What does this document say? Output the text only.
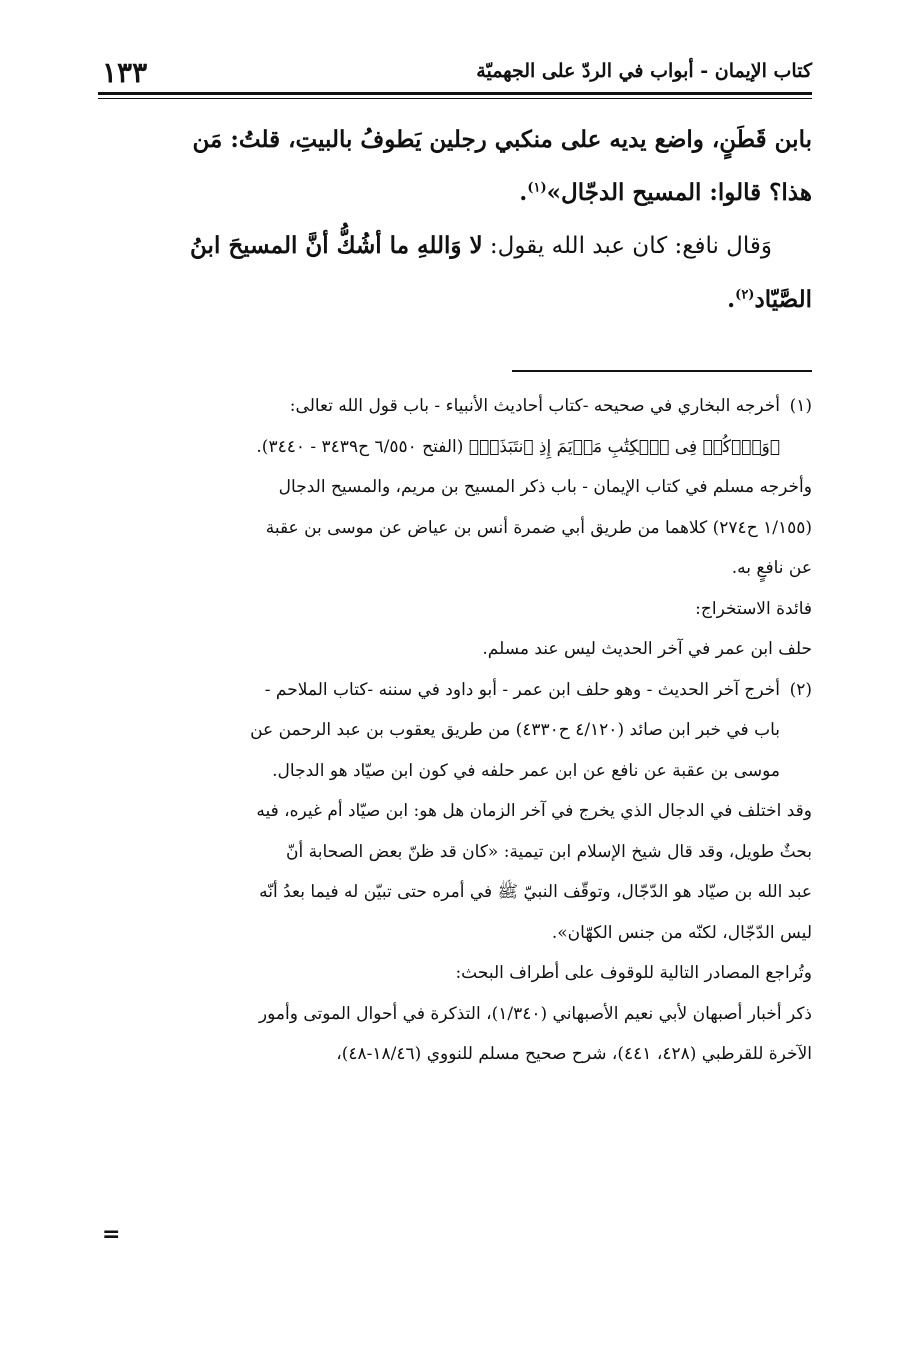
١٣٣	كتاب الإيمان - أبواب في الردّ على الجهميّة

بابن قَطَنٍ، واضع يديه على منكبي رجلين يَطوفُ بالبيتِ، قلتُ: مَن

هذا؟ قالوا: المسيح الدجّال»$^{(١)}$.

وَقال نافع: كان عبد الله يقول: لا وَاللهِ ما أشُكُّ أنَّ المسيحَ ابنُ

الصَّيّاد$^{(٢)}$.

(١)

أخرجه البخاري في صحيحه -كتاب أحاديث الأنبياء - باب قول الله تعالى:

﴿وَٱذۡكُرۡ فِى ٱلۡكِتَٰبِ مَرۡيَمَ إِذِ ٱنتَبَذَتۡ﴾ (الفتح ٦/٥٥٠ ح٣٤٣٩ - ٣٤٤٠).

وأخرجه مسلم في كتاب الإيمان - باب ذكر المسيح بن مريم، والمسيح الدجال

(١/١٥٥ ح٢٧٤) كلاهما من طريق أبي ضمرة أنس بن عياض عن موسى بن عقبة

عن نافعٍ به.

فائدة الاستخراج:

حلف ابن عمر في آخر الحديث ليس عند مسلم.

(٢)

أخرج آخر الحديث - وهو حلف ابن عمر - أبو داود في سننه -كتاب الملاحم -

باب في خبر ابن صائد (٤/١٢٠ ح٤٣٣٠) من طريق يعقوب بن عبد الرحمن عن

موسى بن عقبة عن نافع عن ابن عمر حلفه في كون ابن صيّاد هو الدجال.

وقد اختلف في الدجال الذي يخرج في آخر الزمان هل هو: ابن صيّاد أم غيره، فيه

بحثٌ طويل، وقد قال شيخ الإسلام ابن تيمية: «كان قد ظنّ بعض الصحابة أنّ

عبد الله بن صيّاد هو الدّجّال، وتوقّف النبيّ ﷺ في أمره حتى تبيّن له فيما بعدُ أنّه

ليس الدّجّال، لكنّه من جنس الكهّان».

وتُراجع المصادر التالية للوقوف على أطراف البحث:

ذكر أخبار أصبهان لأبي نعيم الأصبهاني (١/٣٤٠)، التذكرة في أحوال الموتى وأمور

الآخرة للقرطبي (٤٢٨، ٤٤١)، شرح صحيح مسلم للنووي (١٨/٤٦-٤٨)،

=
